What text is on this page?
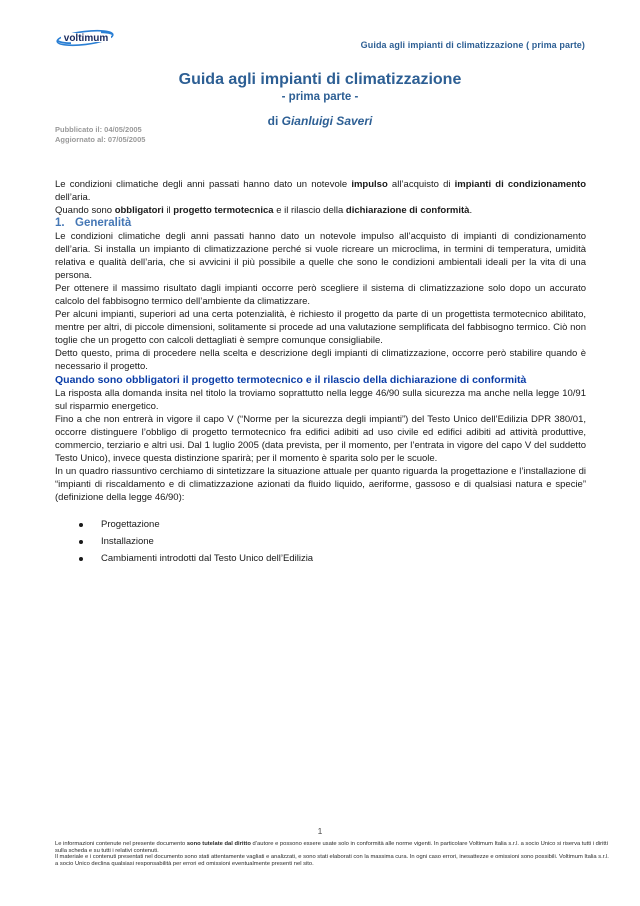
voltimum
Guida agli impianti di climatizzazione ( prima parte)

Guida agli impianti di climatizzazione

- prima parte -

di Gianluigi Saveri

Pubblicato il: 04/05/2005
Aggiornato al: 07/05/2005

Le condizioni climatiche degli anni passati hanno dato un notevole impulso all’acquisto di impianti di condizionamento dell’aria.

Quando sono obbligatori il progetto termotecnica e il rilascio della dichiarazione di conformità.

1. Generalità

Le condizioni climatiche degli anni passati hanno dato un notevole impulso all’acquisto di impianti di condizionamento dell’aria. Si installa un impianto di climatizzazione perché si vuole ricreare un microclima, in termini di temperatura, umidità relativa e qualità dell’aria, che si avvicini il più possibile a quelle che sono le condizioni ambientali ideali per la vita di una persona.

Per ottenere il massimo risultato dagli impianti occorre però scegliere il sistema di climatizzazione solo dopo un accurato calcolo del fabbisogno termico dell’ambiente da climatizzare.

Per alcuni impianti, superiori ad una certa potenzialità, è richiesto il progetto da parte di un progettista termotecnico abilitato, mentre per altri, di piccole dimensioni, solitamente si procede ad una valutazione semplificata del fabbisogno termico. Ciò non toglie che un progetto con calcoli dettagliati è sempre comunque consigliabile.

Detto questo, prima di procedere nella scelta e descrizione degli impianti di climatizzazione, occorre però stabilire quando è necessario il progetto.

Quando sono obbligatori il progetto termotecnico e il rilascio della dichiarazione di conformità

La risposta alla domanda insita nel titolo la troviamo soprattutto nella legge 46/90 sulla sicurezza ma anche nella legge 10/91 sul risparmio energetico.

Fino a che non entrerà in vigore il capo V (“Norme per la sicurezza degli impianti”) del Testo Unico dell’Edilizia DPR 380/01, occorre distinguere l’obbligo di progetto termotecnico fra edifici adibiti ad uso civile ed edifici adibiti ad attività produttive, commercio, terziario e altri usi. Dal 1 luglio 2005 (data prevista, per il momento, per l’entrata in vigore del capo V del suddetto Testo Unico), invece questa distinzione sparirà; per il momento è sparita solo per le scuole.

In un quadro riassuntivo cerchiamo di sintetizzare la situazione attuale per quanto riguarda la progettazione e l’installazione di “impianti di riscaldamento e di climatizzazione azionati da fluido liquido, aeriforme, gassoso e di qualsiasi natura e specie” (definizione della legge 46/90):

Progettazione
Installazione
Cambiamenti introdotti dal Testo Unico dell’Edilizia
1

Le informazioni contenute nel presente documento sono tutelate dal diritto d’autore e possono essere usate solo in conformità alle norme vigenti. In particolare Voltimum Italia s.r.l. a socio Unico si riserva tutti i diritti sulla scheda e su tutti i relativi contenuti.

Il materiale e i contenuti presentati nel documento sono stati attentamente vagliati e analizzati, e sono stati elaborati con la massima cura. In ogni caso errori, inesattezze e omissioni sono possibili. Voltimum Italia s.r.l. a socio Unico declina qualsiasi responsabilità per errori ed omissioni eventualmente presenti nel sito.
